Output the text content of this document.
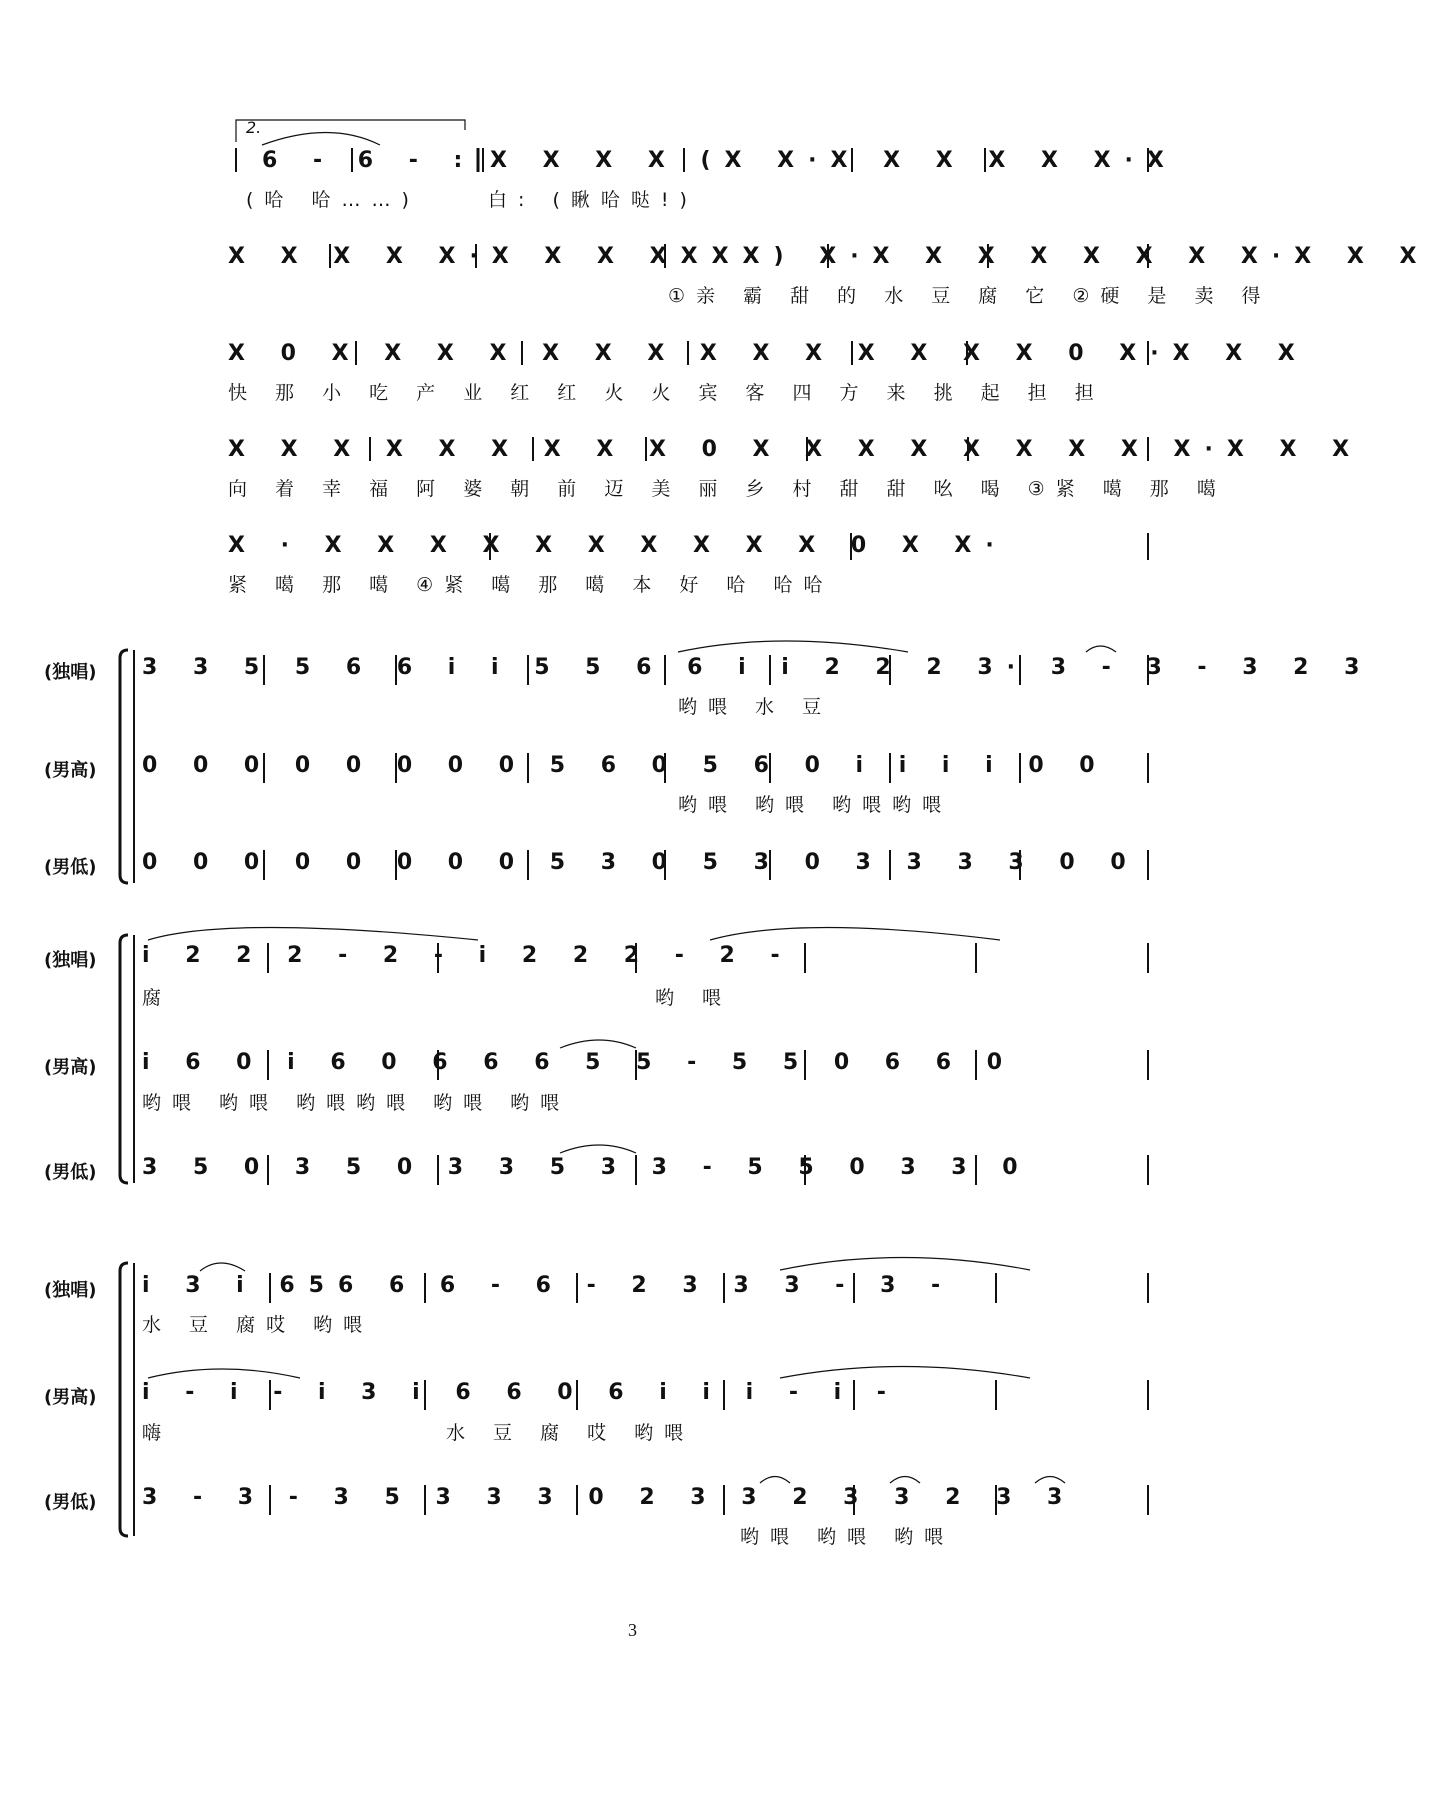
2.
6 - 6 - : X X X X (X X·X X X X X X·X
(哈 哈……)	白: (瞅哈哒!)
X X X X X·X X X XXXX) X·X X X X X X X X·X X X
①亲 霸 甜 的 水 豆 腐 它 ②硬 是 卖 得
X 0 X X X X X X X X X X X X X X 0 X·X X X
快 那 小 吃 产 业 红 红 火 火 宾 客 四 方 来 挑 起 担 担
X X X X X X X X X 0 X X X X X X X X X·X X X
向 着 幸 福 阿 婆 朝 前 迈 美 丽 乡 村 甜 甜 吆 喝 ③紧 噶 那 噶
X · X X X X X X X X X X 0 X X·
紧 噶 那 噶 ④紧 噶 那 噶 本 好 哈 哈哈
(独唱) 3 3 5 5 6 6 i i 5 5 6 6 i i 2 2 2 3· 3 - 3 - 3 2 3
哟喂 水 豆
(男高) 0 0 0 0 0 0 0 0 5 6 0 5 6 0 i i i i 0 0
哟喂 哟喂 哟喂哟喂
(男低) 0 0 0 0 0 0 0 0 5 3 0 5 3 0 3 3 3 3 0 0
(独唱) i 2 2 2 - 2 - i 2 2 2 - 2 -
腐	哟 喂
(男高) i 6 0 i 6 0 6 6 6 5 5 - 5 5 0 6 6 0
哟喂 哟喂 哟喂哟喂 哟喂 哟喂
(男低) 3 5 0 3 5 0 3 3 5 3 3 - 5 5 0 3 3 0
(独唱) i 3 i 656 6 6 - 6 - 2 3 3 3 - 3 -
水 豆 腐哎 哟喂
(男高) i - i - i 3 i 6 6 0 6 i i i - i -
嗨	水 豆 腐 哎 哟喂
(男低) 3 - 3 - 3 5 3 3 3 0 2 3 3 2 3 3 2 3 3
哟喂 哟喂 哟喂
3
